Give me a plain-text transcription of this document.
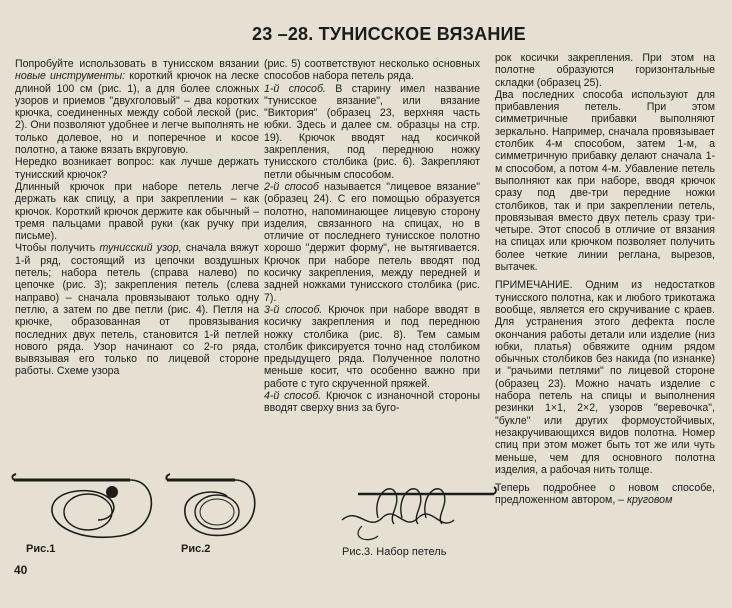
23 –28. ТУНИССКОЕ ВЯЗАНИЕ

Попробуйте использовать в тунисском вязании новые инструменты: короткий крючок на леске длиной 100 см (рис. 1), а для более сложных узоров и приемов "двухголовый" – два коротких крючка, соединенных между собой леской (рис. 2). Они позволяют удобнее и легче выполнять не только долевое, но и поперечное и косое полотно, а также вязать вкруговую.

Нередко возникает вопрос: как лучше держать тунисский крючок?

Длинный крючок при наборе петель легче держать как спицу, а при закреплении – как крючок. Короткий крючок держите как обычный – тремя пальцами правой руки (как ручку при письме).

Чтобы получить тунисский узор, сначала вяжут 1-й ряд, состоящий из цепочки воздушных петель; набора петель (справа налево) по цепочке (рис. 3); закрепления петель (слева направо) – сначала провязывают только одну петлю, а затем по две петли (рис. 4). Петля на крючке, образованная от провязывания последних двух петель, становится 1-й петлей нового ряда. Узор начинают со 2-го ряда, вывязывая его только по лицевой стороне работы. Схеме узора

(рис. 5) соответствуют несколько основных способов набора петель ряда.

1-й способ. В старину имел название "тунисское вязание", или вязание "Виктория" (образец 23, верхняя часть юбки. Здесь и далее см. образцы на стр. 19). Крючок вводят над косичкой закрепления, под переднюю ножку тунисского столбика (рис. 6). Закрепляют петли обычным способом.

2-й способ называется "лицевое вязание" (образец 24). С его помощью образуется полотно, напоминающее лицевую сторону изделия, связанного на спицах, но в отличие от последнего тунисское полотно хорошо "держит форму", не вытягивается. Крючок при наборе петель вводят под косичку закрепления, между передней и задней ножками тунисского столбика (рис. 7).

3-й способ. Крючок при наборе вводят в косичку закрепления и под переднюю ножку столбика (рис. 8). Тем самым столбик фиксируется точно над столбиком предыдущего ряда. Полученное полотно меньше косит, что особенно важно при работе с туго скрученной пряжей.

4-й способ. Крючок с изнаночной стороны вводят сверху вниз за буго-

рок косички закрепления. При этом на полотне образуются горизонтальные складки (образец 25).

Два последних способа используют для прибавления петель. При этом симметричные прибавки выполняют зеркально. Например, сначала провязывает столбик 4-м способом, затем 1-м, а симметричную прибавку делают сначала 1-м способом, а потом 4-м. Убавление петель выполняют как при наборе, вводя крючок сразу под две-три передние ножки столбиков, так и при закреплении петель, провязывая вместо двух петель сразу три-четыре. Этот способ в отличие от вязания на спицах или крючком позволяет получить более четкие линии реглана, вырезов, вытачек.

ПРИМЕЧАНИЕ. Одним из недостатков тунисского полотна, как и любого трикотажа вообще, является его скручивание с краев. Для устранения этого дефекта после окончания работы детали или изделие (низ юбки, платья) обвяжите одним рядом обычных столбиков без накида (по изнанке) и "рачьими петлями" по лицевой стороне (образец 23). Можно начать изделие с набора петель на спицы и выполнения резинки 1×1, 2×2, узоров "веревочка", "букле" или других формоустойчивых, незакручивающихся видов полотна. Номер спиц при этом может быть тот же или чуть меньше, чем для основного полотна изделия, а рабочая нить толще.

Теперь подробнее о новом способе, предложенном автором, – круговом

Рис.1	Рис.2	Рис.3. Набор петель
40
